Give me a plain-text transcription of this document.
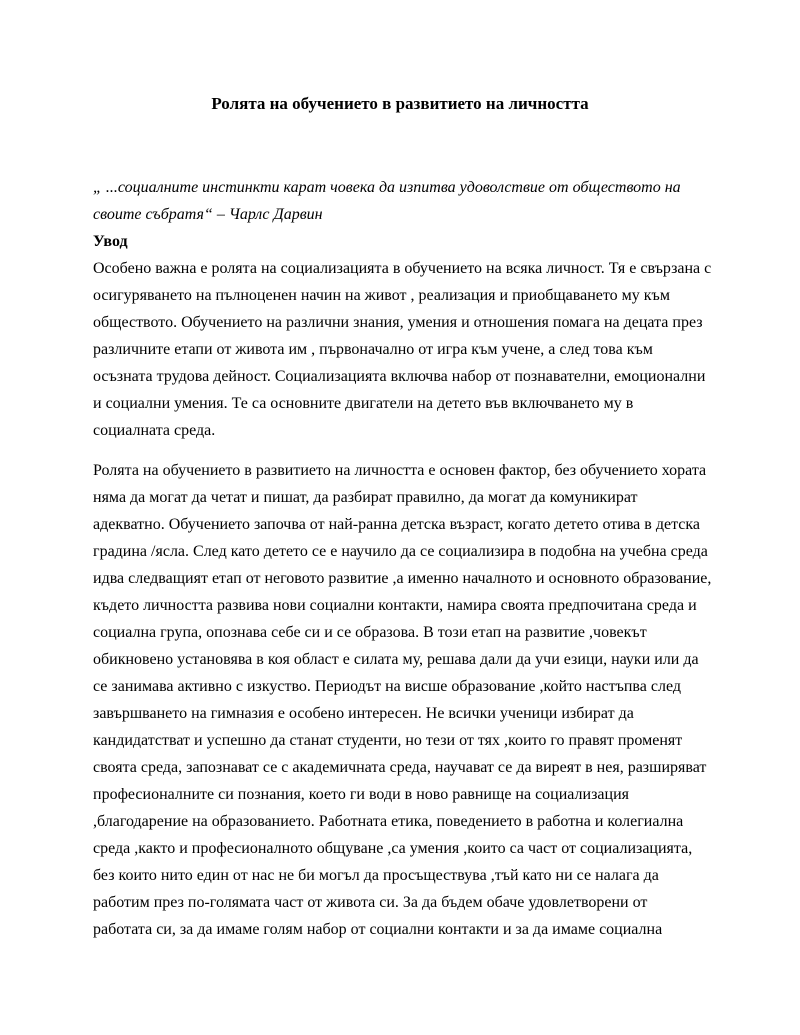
Ролята на обучението в развитието на личността
„ ...социалните инстинкти карат човека да изпитва удоволствие от обществото на
своите събратя“ – Чарлс Дарвин
Увод
Особено важна е ролята на социализацията в обучението на всяка личност. Тя е свързана с
осигуряването на пълноценен начин на живот , реализация и приобщаването му към
обществото. Обучението на различни знания, умения и отношения помага на децата през
различните етапи от живота им , първоначално от игра към учене, а след това към
осъзната трудова дейност. Социализацията включва набор от познавателни, емоционални
и социални умения. Те са основните двигатели на детето във включването му в
социалната среда.
Ролята на обучението в развитието на личността е основен фактор, без обучението хората
няма да могат да четат и пишат, да разбират правилно, да могат да комуникират
адекватно. Обучението започва от най-ранна детска възраст, когато детето отива в детска
градина /ясла. След като детето се е научило да се социализира в подобна на учебна среда
идва следващият етап от неговото развитие ,а именно началното и основното образование,
където личността развива нови социални контакти, намира своята предпочитана среда и
социална група, опознава себе си и се образова. В този етап на развитие ,човекът
обикновено установява в коя област е силата му, решава дали да учи езици, науки или да
се занимава активно с изкуство. Периодът на висше образование ,който настъпва след
завършването на гимназия е особено интересен. Не всички ученици избират да
кандидатстват и успешно да станат студенти, но тези от тях ,които го правят променят
своята среда, запознават се с академичната среда, научават се да виреят в нея, разширяват
професионалните си познания, което ги води в ново равнище на социализация
,благодарение на образованието. Работната етика, поведението в работна и колегиална
среда ,както и професионалното общуване ,са умения ,които са част от социализацията,
без които нито един от нас не би могъл да просъществува ,тъй като ни се налага да
работим през по-голямата част от живота си. За да бъдем обаче удовлетворени от
работата си, за да имаме голям набор от социални контакти и за да имаме социална
